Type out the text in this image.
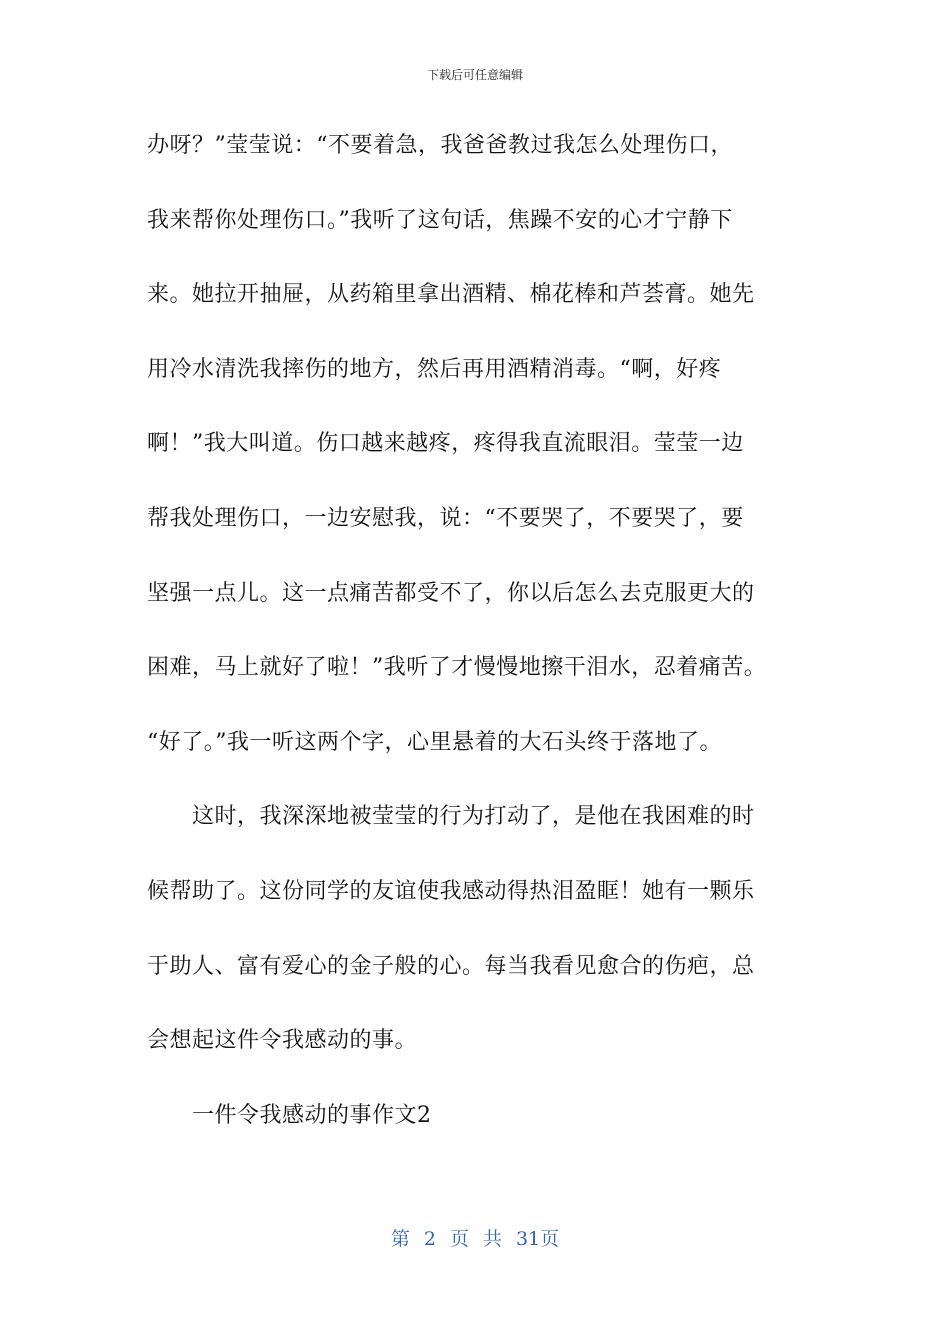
下载后可任意编辑
办呀？”莹莹说：“不要着急，我爸爸教过我怎么处理伤口，
我来帮你处理伤口。”我听了这句话，焦躁不安的心才宁静下
来。她拉开抽屉，从药箱里拿出酒精、棉花棒和芦荟膏。她先
用冷水清洗我摔伤的地方，然后再用酒精消毒。“啊，好疼
啊！”我大叫道。伤口越来越疼，疼得我直流眼泪。莹莹一边
帮我处理伤口，一边安慰我，说：“不要哭了，不要哭了，要
坚强一点儿。这一点痛苦都受不了，你以后怎么去克服更大的
困难，马上就好了啦！”我听了才慢慢地擦干泪水，忍着痛苦。
“好了。”我一听这两个字，心里悬着的大石头终于落地了。
　　这时，我深深地被莹莹的行为打动了，是他在我困难的时
候帮助了。这份同学的友谊使我感动得热泪盈眶！她有一颗乐
于助人、富有爱心的金子般的心。每当我看见愈合的伤疤，总
会想起这件令我感动的事。
　　一件令我感动的事作文2
第 2 页 共 31页
